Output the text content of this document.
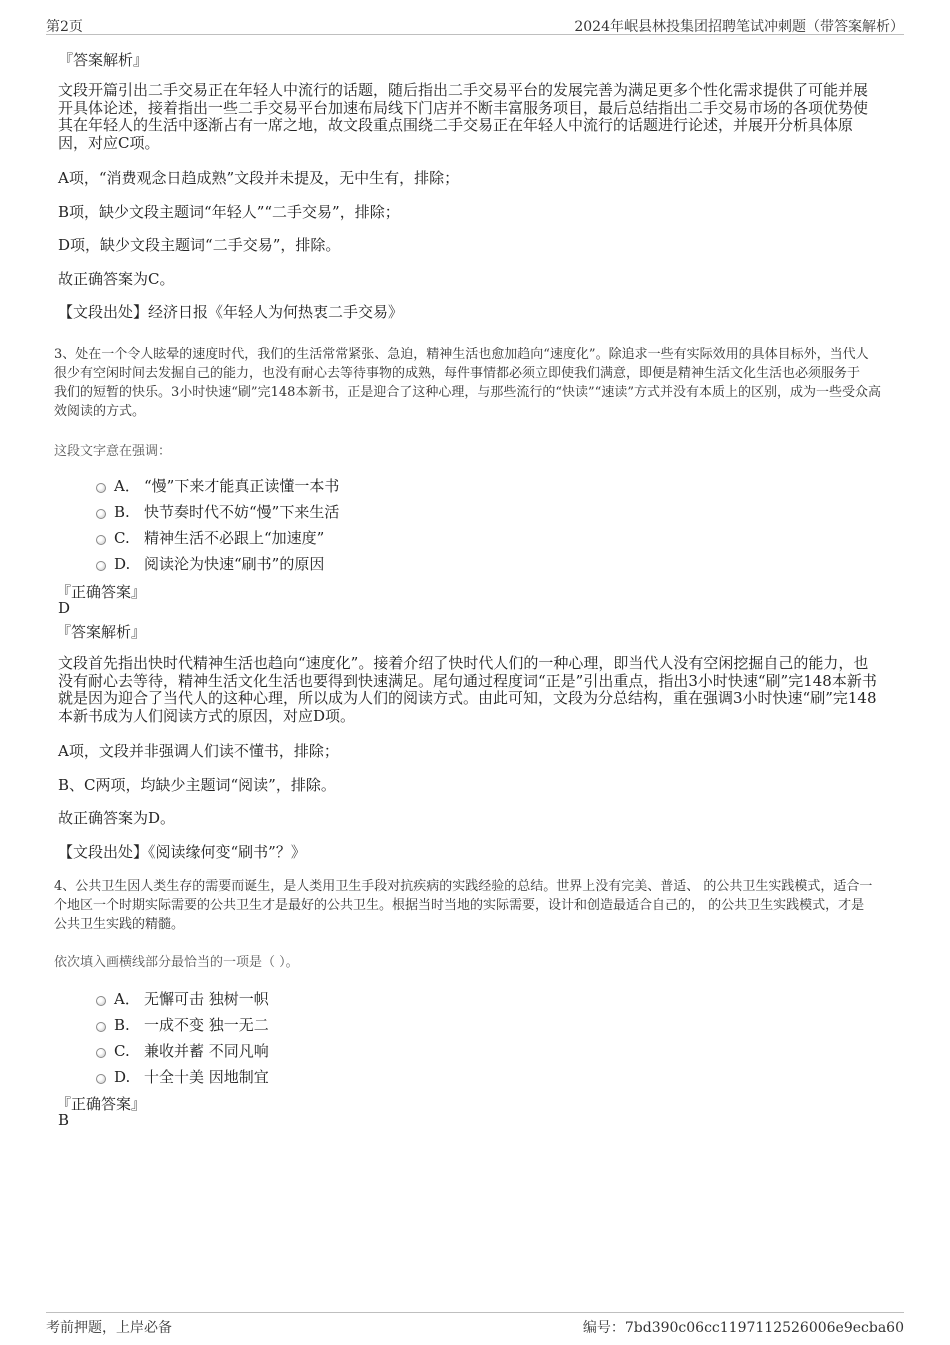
第2页	2024年岷县林投集团招聘笔试冲刺题（带答案解析）
『答案解析』
文段开篇引出二手交易正在年轻人中流行的话题，随后指出二手交易平台的发展完善为满足更多个性化需求提供了可能并展
开具体论述，接着指出一些二手交易平台加速布局线下门店并不断丰富服务项目，最后总结指出二手交易市场的各项优势使
其在年轻人的生活中逐渐占有一席之地，故文段重点围绕二手交易正在年轻人中流行的话题进行论述，并展开分析具体原
因，对应C项。
A项，“消费观念日趋成熟”文段并未提及，无中生有，排除；
B项，缺少文段主题词“年轻人”“二手交易”，排除；
D项，缺少文段主题词“二手交易”，排除。
故正确答案为C。
【文段出处】经济日报《年轻人为何热衷二手交易》
3、处在一个令人眩晕的速度时代，我们的生活常常紧张、急迫，精神生活也愈加趋向“速度化”。除追求一些有实际效用的具体目标外，当代人
很少有空闲时间去发掘自己的能力，也没有耐心去等待事物的成熟，每件事情都必须立即使我们满意，即便是精神生活文化生活也必须服务于
我们的短暂的快乐。3小时快速“刷”完148本新书，正是迎合了这种心理，与那些流行的“快读”“速读”方式并没有本质上的区别，成为一些受众高
效阅读的方式。
这段文字意在强调：
A． “慢”下来才能真正读懂一本书
B. 快节奏时代不妨“慢”下来生活
C. 精神生活不必跟上“加速度”
D. 阅读沦为快速“刷书”的原因
『正确答案』
D
『答案解析』
文段首先指出快时代精神生活也趋向“速度化”。接着介绍了快时代人们的一种心理，即当代人没有空闲挖掘自己的能力，也
没有耐心去等待，精神生活文化生活也要得到快速满足。尾句通过程度词“正是”引出重点，指出3小时快速“刷”完148本新书
就是因为迎合了当代人的这种心理，所以成为人们的阅读方式。由此可知，文段为分总结构，重在强调3小时快速“刷”完148
本新书成为人们阅读方式的原因，对应D项。
A项，文段并非强调人们读不懂书，排除；
B、C两项，均缺少主题词“阅读”，排除。
故正确答案为D。
【文段出处】《阅读缘何变“刷书”？》
4、公共卫生因人类生存的需要而诞生，是人类用卫生手段对抗疾病的实践经验的总结。世界上没有完美、普适、 的公共卫生实践模式，适合一
个地区一个时期实际需要的公共卫生才是最好的公共卫生。根据当时当地的实际需要，设计和创造最适合自己的， 的公共卫生实践模式，才是
公共卫生实践的精髓。
依次填入画横线部分最恰当的一项是（ ）。
A． 无懈可击 独树一帜
B. 一成不变 独一无二
C. 兼收并蓄 不同凡响
D. 十全十美 因地制宜
『正确答案』
B
考前押题，上岸必备	编号：7bd390c06cc1197112526006e9ecba60
